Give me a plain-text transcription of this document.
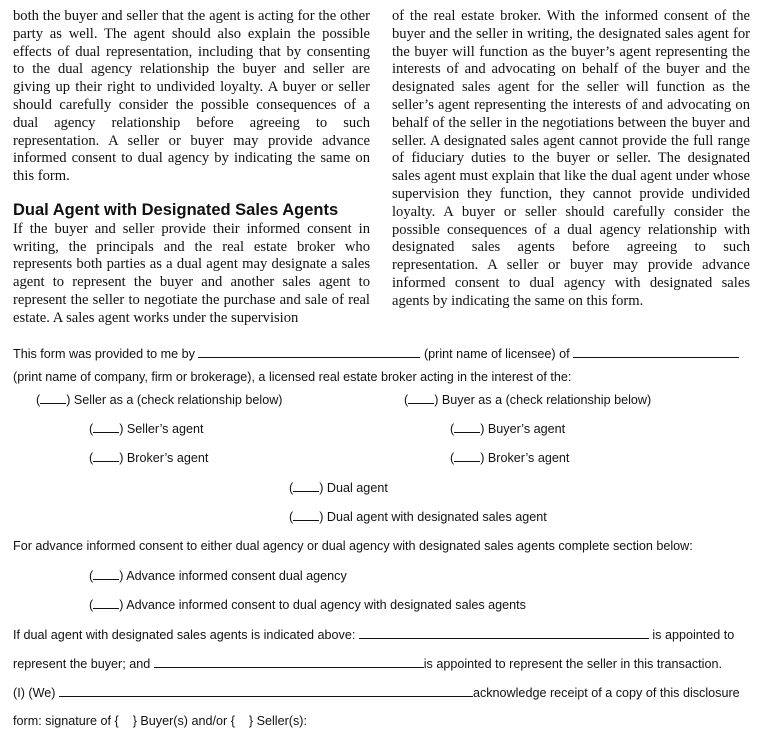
both the buyer and seller that the agent is acting for the other party as well. The agent should also explain the possible effects of dual representation, including that by consenting to the dual agency relationship the buyer and seller are giving up their right to undivided loyalty. A buyer or seller should carefully consider the possible consequences of a dual agency relationship before agreeing to such representation. A seller or buyer may provide advance informed consent to dual agency by indicating the same on this form.

Dual Agent with Designated Sales Agents

If the buyer and seller provide their informed consent in writing, the principals and the real estate broker who represents both parties as a dual agent may designate a sales agent to represent the buyer and another sales agent to represent the seller to negotiate the purchase and sale of real estate. A sales agent works under the supervision

of the real estate broker. With the informed consent of the buyer and the seller in writing, the designated sales agent for the buyer will function as the buyer’s agent representing the interests of and advocating on behalf of the buyer and the designated sales agent for the seller will function as the seller’s agent representing the interests of and advocating on behalf of the seller in the negotiations between the buyer and seller. A designated sales agent cannot provide the full range of fiduciary duties to the buyer or seller. The designated sales agent must explain that like the dual agent under whose supervision they function, they cannot provide undivided loyalty. A buyer or seller should carefully consider the possible consequences of a dual agency relationship with designated sales agents before agreeing to such representation. A seller or buyer may provide advance informed consent to dual agency with designated sales agents by indicating the same on this form.

This form was provided to me by	(print name of licensee) of
(print name of company, firm or brokerage), a licensed real estate broker acting in the interest of the:
( ) Seller as a (check relationship below)	( ) Buyer as a (check relationship below)
( ) Seller’s agent	( ) Buyer’s agent
( ) Broker’s agent	( ) Broker’s agent
( ) Dual agent
( ) Dual agent with designated sales agent
For advance informed consent to either dual agency or dual agency with designated sales agents complete section below:
( ) Advance informed consent dual agency
( ) Advance informed consent to dual agency with designated sales agents
If dual agent with designated sales agents is indicated above:	is appointed to
represent the buyer; and	is appointed to represent the seller in this transaction.
(I) (We)	acknowledge receipt of a copy of this disclosure
form: signature of {    } Buyer(s) and/or {    } Seller(s):
